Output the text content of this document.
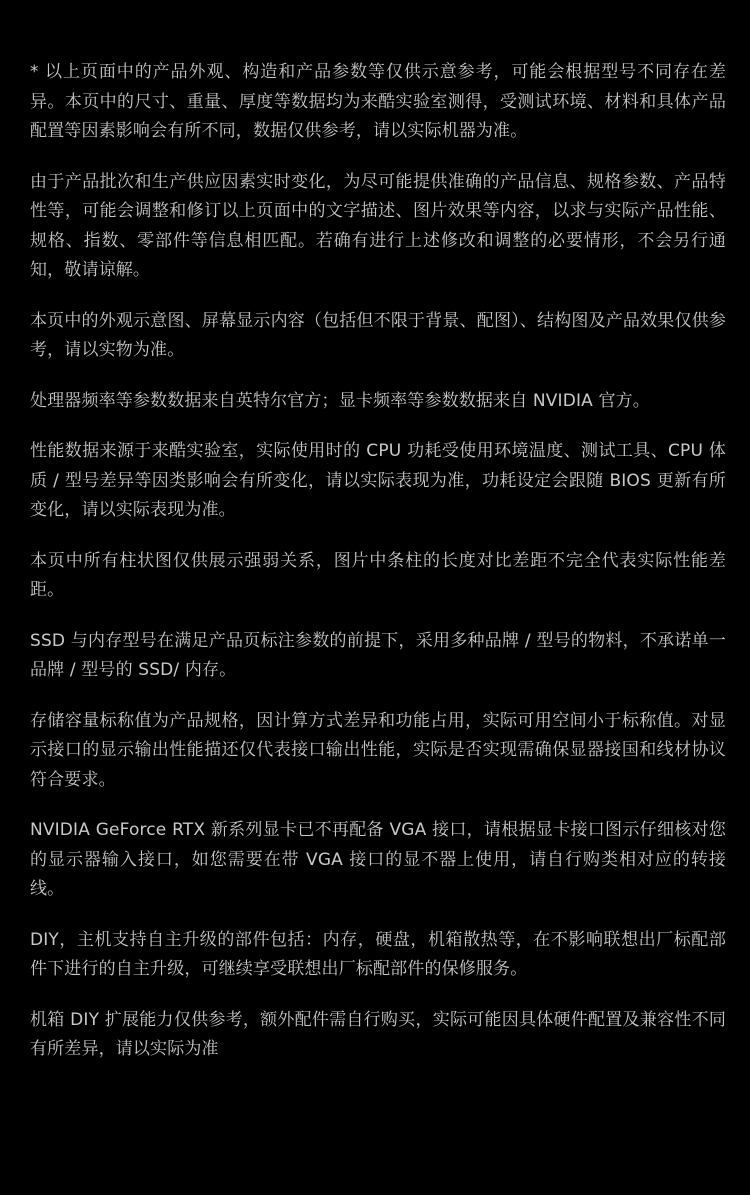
* 以上页面中的产品外观、构造和产品参数等仅供示意参考，可能会根据型号不同存在差异。本页中的尺寸、重量、厚度等数据均为来酷实验室测得，受测试环境、材料和具体产品配置等因素影响会有所不同，数据仅供参考，请以实际机器为准。

由于产品批次和生产供应因素实时变化，为尽可能提供准确的产品信息、规格参数、产品特性等，可能会调整和修订以上页面中的文字描述、图片效果等内容，以求与实际产品性能、规格、指数、零部件等信息相匹配。若确有进行上述修改和调整的必要情形，不会另行通知，敬请谅解。

本页中的外观示意图、屏幕显示内容（包括但不限于背景、配图）、结构图及产品效果仅供参考，请以实物为准。

处理器频率等参数数据来自英特尔官方；显卡频率等参数数据来自 NVIDIA 官方。

性能数据来源于来酷实验室，实际使用时的 CPU 功耗受使用环境温度、测试工具、CPU 体质 / 型号差异等因类影响会有所变化，请以实际表现为准，功耗设定会跟随 BIOS 更新有所变化，请以实际表现为准。

本页中所有柱状图仅供展示强弱关系，图片中条柱的长度对比差距不完全代表实际性能差距。

SSD 与内存型号在满足产品页标注参数的前提下，采用多种品牌 / 型号的物料，不承诺单一品牌 / 型号的 SSD/ 内存。

存储容量标称值为产品规格，因计算方式差异和功能占用，实际可用空间小于标称值。对显示接口的显示输出性能描还仅代表接口输出性能，实际是否实现需确保显器接国和线材协议符合要求。

NVIDIA GeForce RTX 新系列显卡已不再配备 VGA 接口，请根据显卡接口图示仔细核对您的显示器输入接口，如您需要在带 VGA 接口的显不器上使用，请自行购类相对应的转接线。

DIY，主机支持自主升级的部件包括：内存，硬盘，机箱散热等，在不影响联想出厂标配部件下进行的自主升级，可继续享受联想出厂标配部件的保修服务。

机箱 DIY 扩展能力仅供参考，额外配件需自行购买，实际可能因具体硬件配置及兼容性不同有所差异，请以实际为准
